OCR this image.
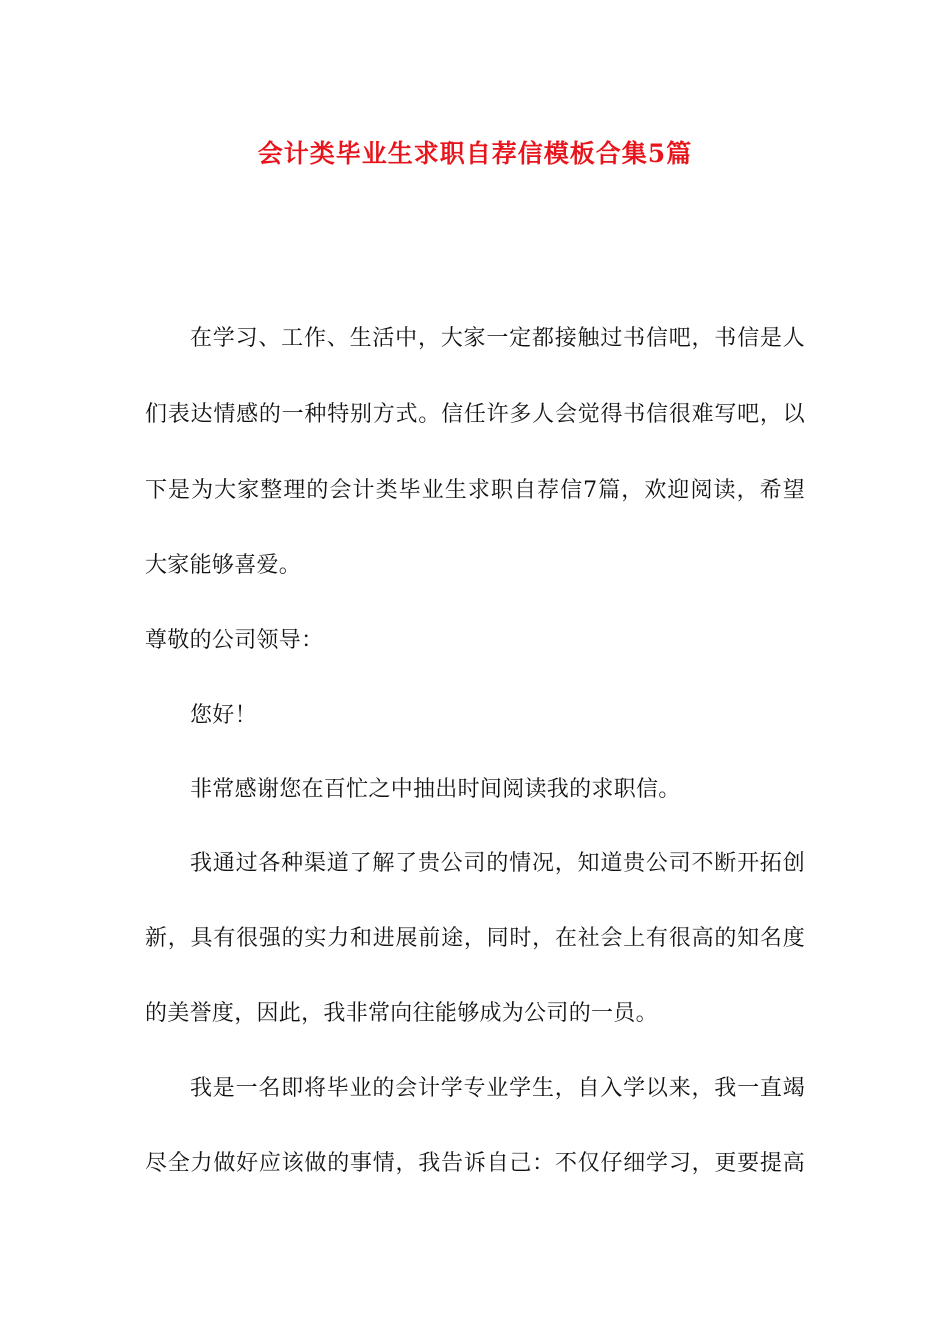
会计类毕业生求职自荐信模板合集5篇
在学习、工作、生活中，大家一定都接触过书信吧，书信是人
们表达情感的一种特别方式。信任许多人会觉得书信很难写吧，以
下是为大家整理的会计类毕业生求职自荐信7篇，欢迎阅读，希望
大家能够喜爱。
尊敬的公司领导：
您好！
非常感谢您在百忙之中抽出时间阅读我的求职信。
我通过各种渠道了解了贵公司的情况，知道贵公司不断开拓创
新，具有很强的实力和进展前途，同时，在社会上有很高的知名度
的美誉度，因此，我非常向往能够成为公司的一员。
我是一名即将毕业的会计学专业学生，自入学以来，我一直竭
尽全力做好应该做的事情，我告诉自己：不仅仔细学习，更要提高
